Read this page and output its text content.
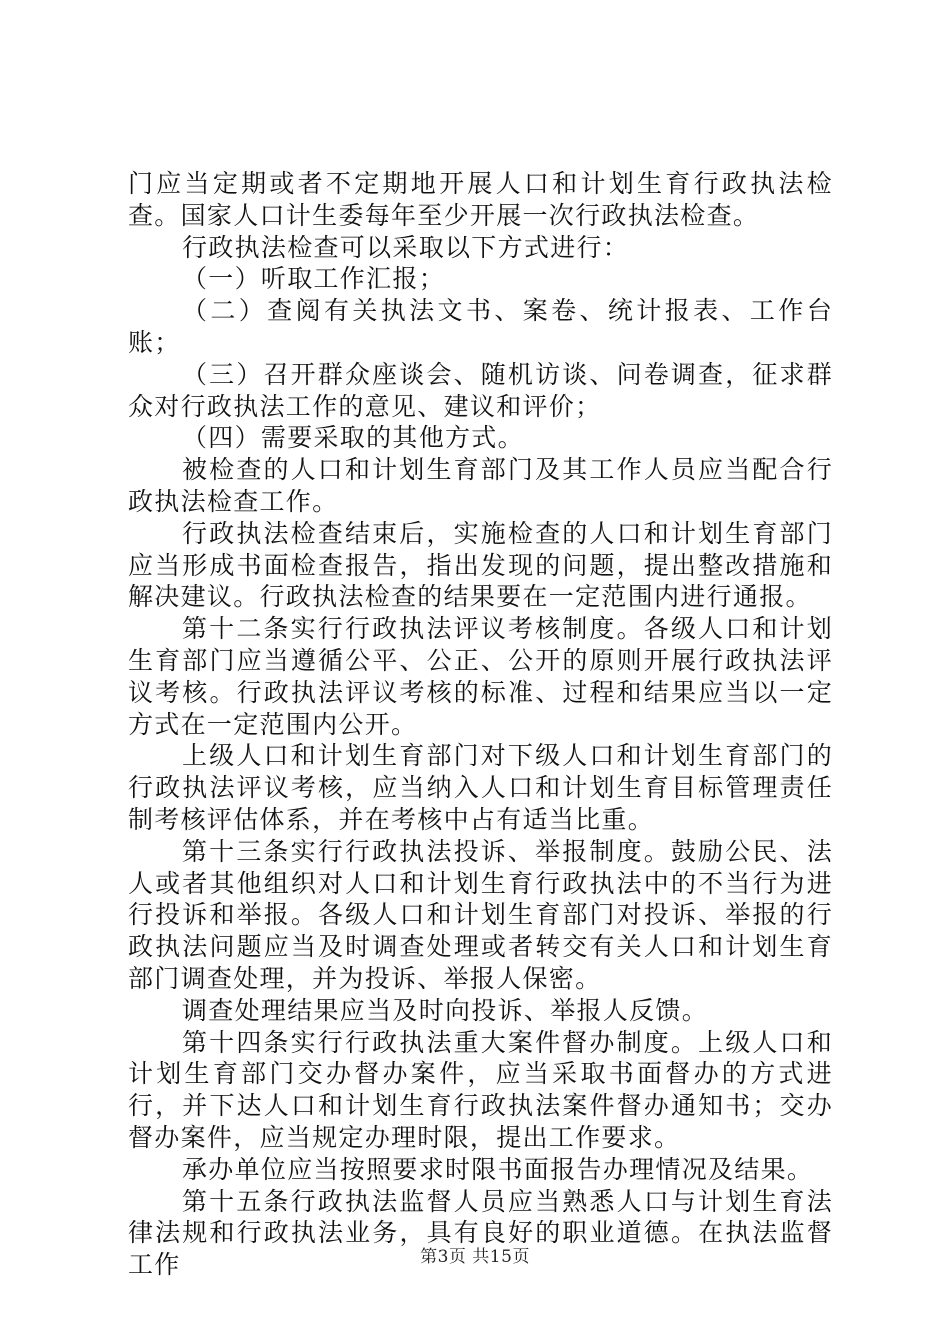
门应当定期或者不定期地开展人口和计划生育行政执法检查。国家人口计生委每年至少开展一次行政执法检查。

行政执法检查可以采取以下方式进行：

（一）听取工作汇报；

（二）查阅有关执法文书、案卷、统计报表、工作台账；

（三）召开群众座谈会、随机访谈、问卷调查，征求群众对行政执法工作的意见、建议和评价；

（四）需要采取的其他方式。

被检查的人口和计划生育部门及其工作人员应当配合行政执法检查工作。

行政执法检查结束后，实施检查的人口和计划生育部门应当形成书面检查报告，指出发现的问题，提出整改措施和解决建议。行政执法检查的结果要在一定范围内进行通报。

第十二条实行行政执法评议考核制度。各级人口和计划生育部门应当遵循公平、公正、公开的原则开展行政执法评议考核。行政执法评议考核的标准、过程和结果应当以一定方式在一定范围内公开。

上级人口和计划生育部门对下级人口和计划生育部门的行政执法评议考核，应当纳入人口和计划生育目标管理责任制考核评估体系，并在考核中占有适当比重。

第十三条实行行政执法投诉、举报制度。鼓励公民、法人或者其他组织对人口和计划生育行政执法中的不当行为进行投诉和举报。各级人口和计划生育部门对投诉、举报的行政执法问题应当及时调查处理或者转交有关人口和计划生育部门调查处理，并为投诉、举报人保密。

调查处理结果应当及时向投诉、举报人反馈。

第十四条实行行政执法重大案件督办制度。上级人口和计划生育部门交办督办案件，应当采取书面督办的方式进行，并下达人口和计划生育行政执法案件督办通知书；交办督办案件，应当规定办理时限，提出工作要求。

承办单位应当按照要求时限书面报告办理情况及结果。

第十五条行政执法监督人员应当熟悉人口与计划生育法律法规和行政执法业务，具有良好的职业道德。在执法监督工作	第3页 共15页
